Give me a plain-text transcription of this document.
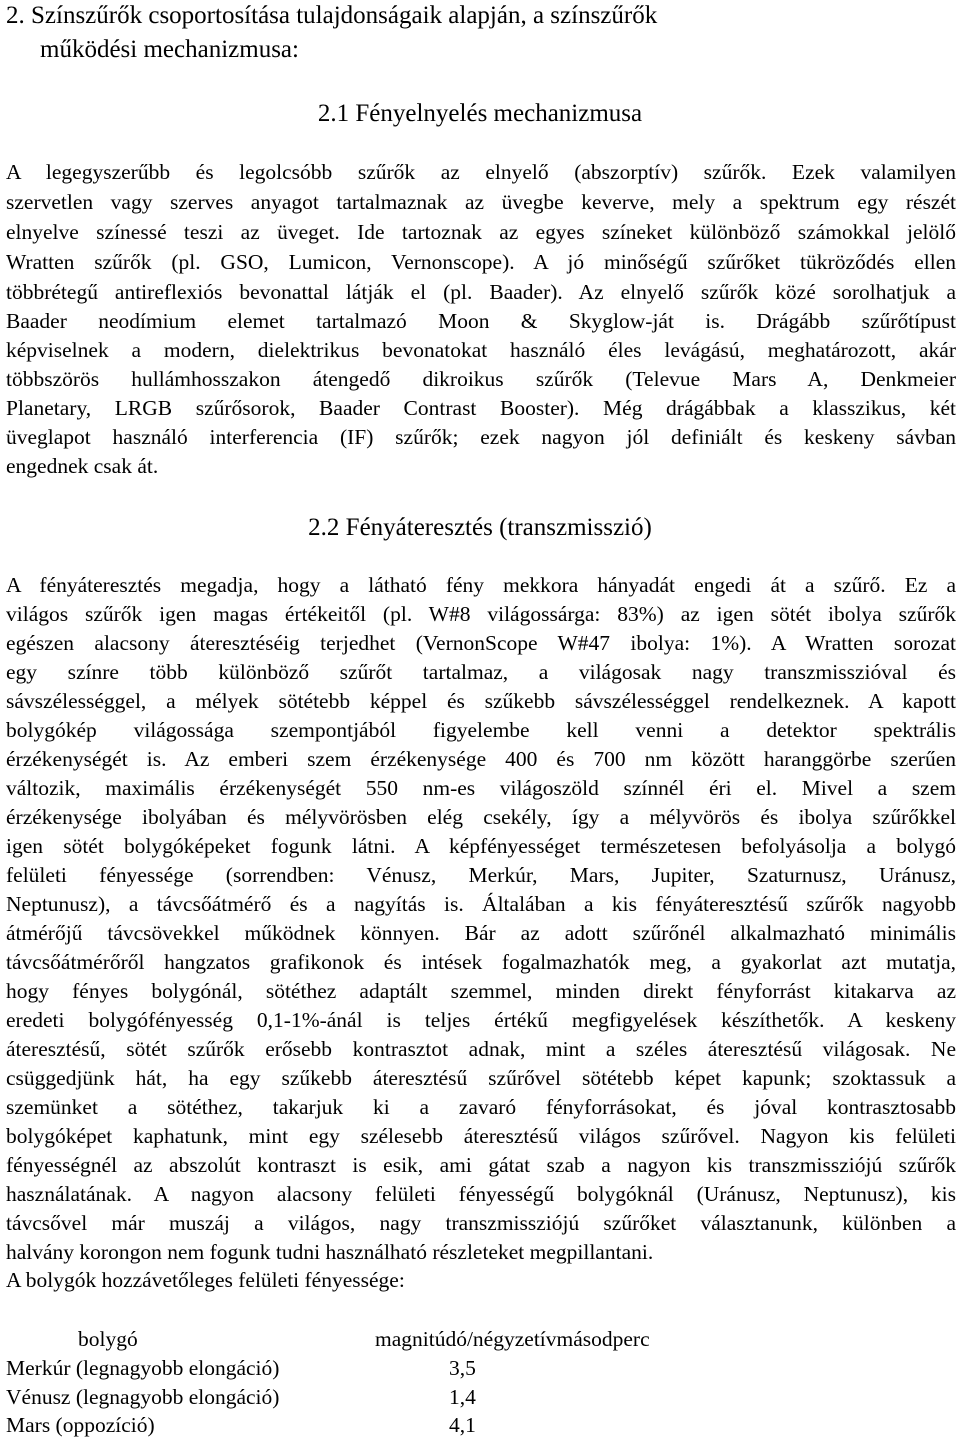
2. Színszűrők csoportosítása tulajdonságaik alapján, a színszűrők
működési mechanizmusa:
2.1 Fényelnyelés mechanizmusa
A legegyszerűbb és legolcsóbb szűrők az elnyelő (abszorptív) szűrők. Ezek valamilyen
szervetlen vagy szerves anyagot tartalmaznak az üvegbe keverve, mely a spektrum egy részét
elnyelve színessé teszi az üveget. Ide tartoznak az egyes színeket különböző számokkal jelölő
Wratten szűrők (pl. GSO, Lumicon, Vernonscope). A jó minőségű szűrőket tükröződés ellen
többrétegű antireflexiós bevonattal látják el (pl. Baader). Az elnyelő szűrők közé sorolhatjuk a
Baader neodímium elemet tartalmazó Moon & Skyglow-ját is. Drágább szűrőtípust
képviselnek a modern, dielektrikus bevonatokat használó éles levágású, meghatározott, akár
többszörös hullámhosszakon átengedő dikroikus szűrők (Televue Mars A, Denkmeier
Planetary, LRGB szűrősorok, Baader Contrast Booster). Még drágábbak a klasszikus, két
üveglapot használó interferencia (IF) szűrők; ezek nagyon jól definiált és keskeny sávban
engednek csak át.
2.2 Fényáteresztés (transzmisszió)
A fényáteresztés megadja, hogy a látható fény mekkora hányadát engedi át a szűrő. Ez a
világos szűrők igen magas értékeitől (pl. W#8 világossárga: 83%) az igen sötét ibolya szűrők
egészen alacsony áteresztéséig terjedhet (VernonScope W#47 ibolya: 1%). A Wratten sorozat
egy színre több különböző szűrőt tartalmaz, a világosak nagy transzmisszióval és
sávszélességgel, a mélyek sötétebb képpel és szűkebb sávszélességgel rendelkeznek. A kapott
bolygókép világossága szempontjából figyelembe kell venni a detektor spektrális
érzékenységét is. Az emberi szem érzékenysége 400 és 700 nm között haranggörbe szerűen
változik, maximális érzékenységét 550 nm-es világoszöld színnél éri el. Mivel a szem
érzékenysége ibolyában és mélyvörösben elég csekély, így a mélyvörös és ibolya szűrőkkel
igen sötét bolygóképeket fogunk látni. A képfényességet természetesen befolyásolja a bolygó
felületi fényessége (sorrendben: Vénusz, Merkúr, Mars, Jupiter, Szaturnusz, Uránusz,
Neptunusz), a távcsőátmérő és a nagyítás is. Általában a kis fényáteresztésű szűrők nagyobb
átmérőjű távcsövekkel működnek könnyen. Bár az adott szűrőnél alkalmazható minimális
távcsőátmérőről hangzatos grafikonok és intések fogalmazhatók meg, a gyakorlat azt mutatja,
hogy fényes bolygónál, sötéthez adaptált szemmel, minden direkt fényforrást kitakarva az
eredeti bolygófényesség 0,1-1%-ánál is teljes értékű megfigyelések készíthetők. A keskeny
áteresztésű, sötét szűrők erősebb kontrasztot adnak, mint a széles áteresztésű világosak. Ne
csüggedjünk hát, ha egy szűkebb áteresztésű szűrővel sötétebb képet kapunk; szoktassuk a
szemünket a sötéthez, takarjuk ki a zavaró fényforrásokat, és jóval kontrasztosabb
bolygóképet kaphatunk, mint egy szélesebb áteresztésű világos szűrővel. Nagyon kis felületi
fényességnél az abszolút kontraszt is esik, ami gátat szab a nagyon kis transzmissziójú szűrők
használatának. A nagyon alacsony felületi fényességű bolygóknál (Uránusz, Neptunusz), kis
távcsővel már muszáj a világos, nagy transzmissziójú szűrőket választanunk, különben a
halvány korongon nem fogunk tudni használható részleteket megpillantani.
A bolygók hozzávetőleges felületi fényessége:
bolygó	magnitúdó/négyzetívmásodperc
Merkúr (legnagyobb elongáció)	3,5
Vénusz (legnagyobb elongáció)	1,4
Mars (oppozíció)	4,1
